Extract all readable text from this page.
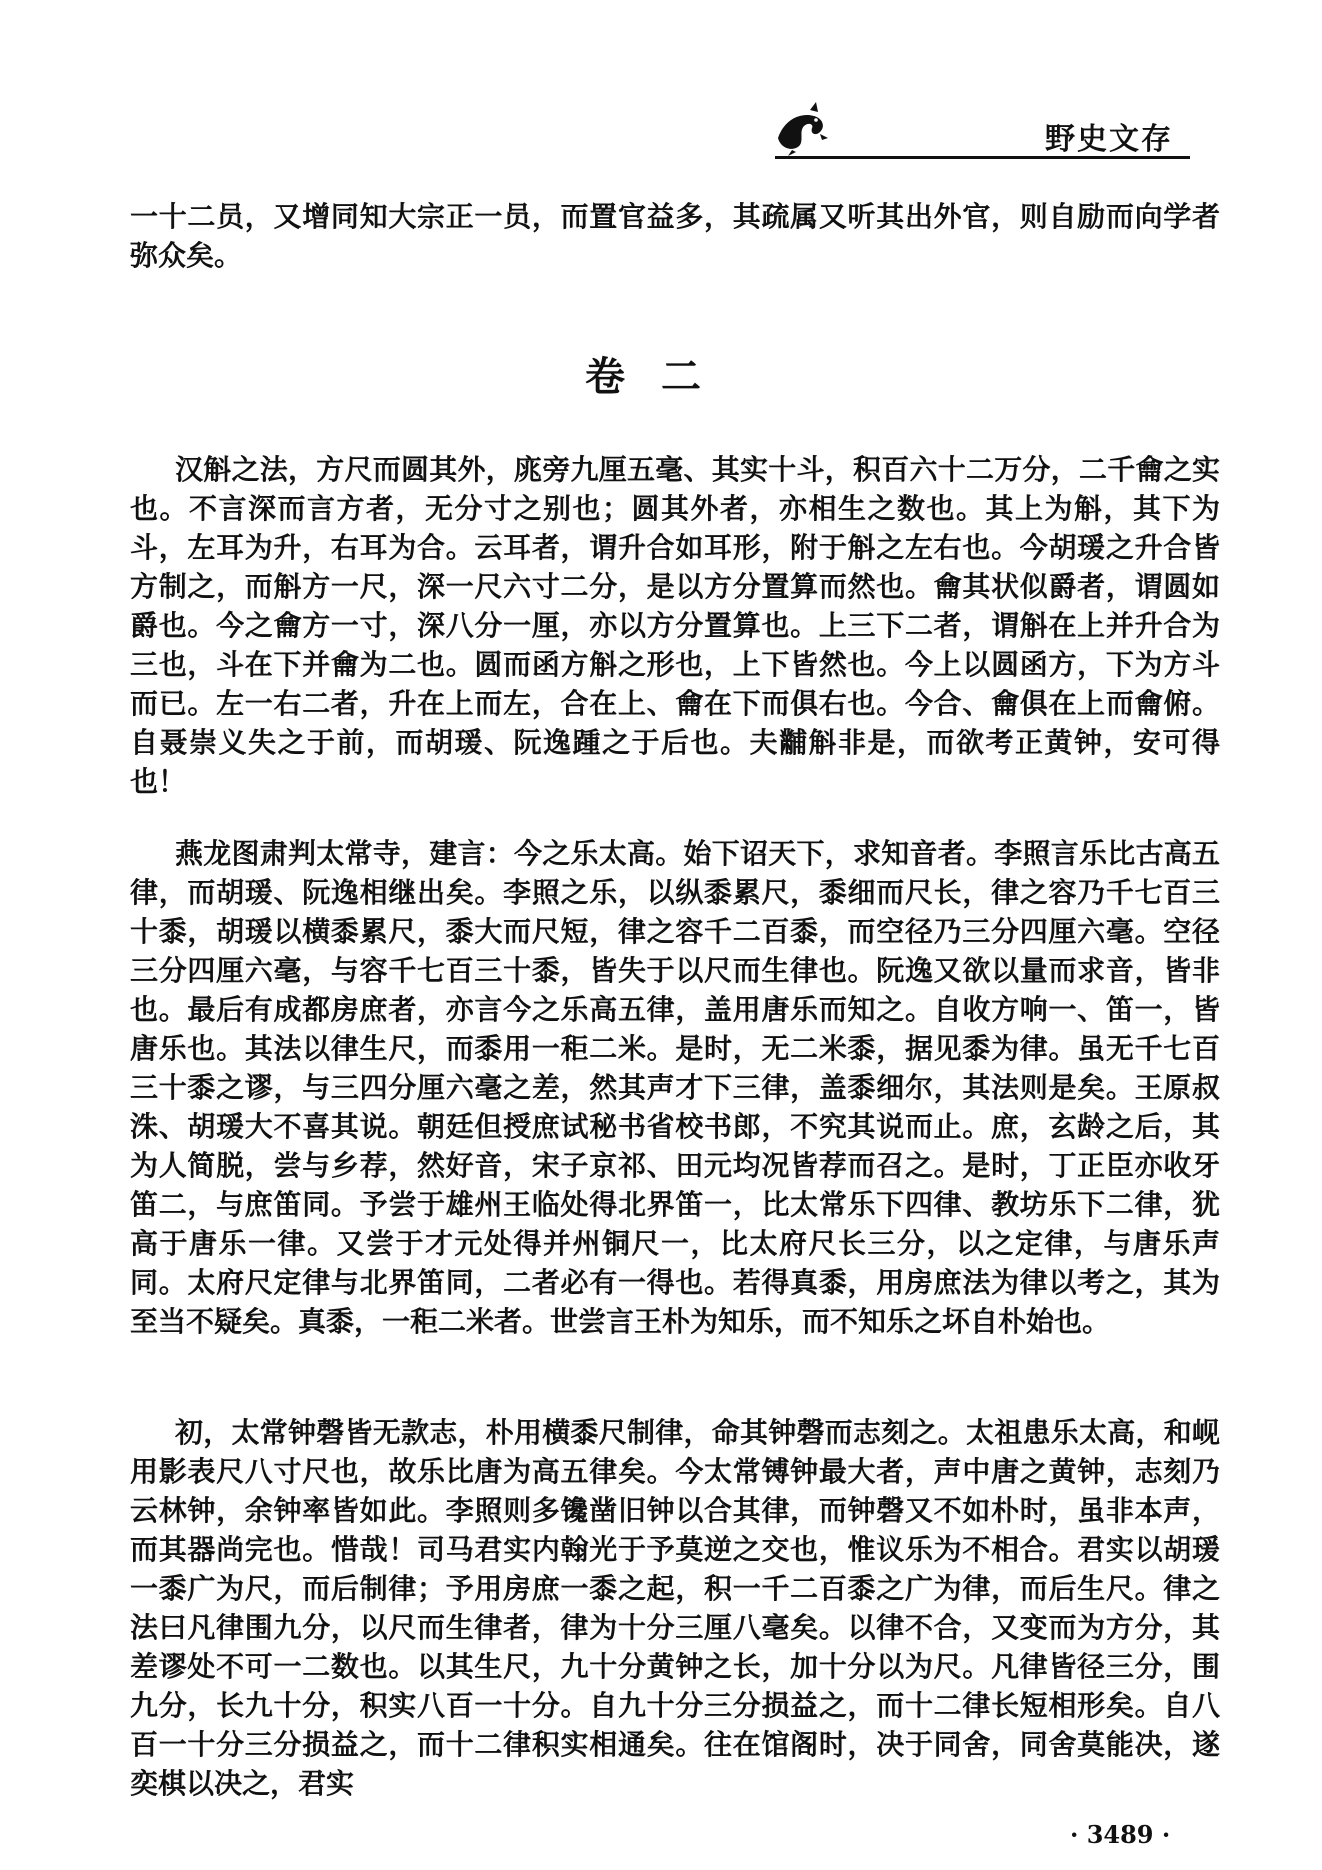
野史文存

一十二员，又增同知大宗正一员，而置官益多，其疏属又听其出外官，则自励而向学者弥众矣。

卷二

汉斛之法，方尺而圆其外，庣旁九厘五毫、其实十斗，积百六十二万分，二千龠之实也。不言深而言方者，无分寸之别也；圆其外者，亦相生之数也。其上为斛，其下为斗，左耳为升，右耳为合。云耳者，谓升合如耳形，附于斛之左右也。今胡瑗之升合皆方制之，而斛方一尺，深一尺六寸二分，是以方分置算而然也。龠其状似爵者，谓圆如爵也。今之龠方一寸，深八分一厘，亦以方分置算也。上三下二者，谓斛在上并升合为三也，斗在下并龠为二也。圆而函方斛之形也，上下皆然也。今上以圆函方，下为方斗而已。左一右二者，升在上而左，合在上、龠在下而俱右也。今合、龠俱在上而龠俯。自聂崇义失之于前，而胡瑗、阮逸踵之于后也。夫黼斛非是，而欲考正黄钟，安可得也！

燕龙图肃判太常寺，建言：今之乐太高。始下诏天下，求知音者。李照言乐比古高五律，而胡瑗、阮逸相继出矣。李照之乐，以纵黍累尺，黍细而尺长，律之容乃千七百三十黍，胡瑗以横黍累尺，黍大而尺短，律之容千二百黍，而空径乃三分四厘六毫。空径三分四厘六毫，与容千七百三十黍，皆失于以尺而生律也。阮逸又欲以量而求音，皆非也。最后有成都房庶者，亦言今之乐高五律，盖用唐乐而知之。自收方响一、笛一，皆唐乐也。其法以律生尺，而黍用一秬二米。是时，无二米黍，据见黍为律。虽无千七百三十黍之谬，与三四分厘六毫之差，然其声才下三律，盖黍细尔，其法则是矣。王原叔洙、胡瑗大不喜其说。朝廷但授庶试秘书省校书郎，不究其说而止。庶，玄龄之后，其为人简脱，尝与乡荐，然好音，宋子京祁、田元均况皆荐而召之。是时，丁正臣亦收牙笛二，与庶笛同。予尝于雄州王临处得北界笛一，比太常乐下四律、教坊乐下二律，犹高于唐乐一律。又尝于才元处得并州铜尺一，比太府尺长三分，以之定律，与唐乐声同。太府尺定律与北界笛同，二者必有一得也。若得真黍，用房庶法为律以考之，其为至当不疑矣。真黍，一秬二米者。世尝言王朴为知乐，而不知乐之坏自朴始也。

初，太常钟磬皆无款志，朴用横黍尺制律，命其钟磬而志刻之。太祖患乐太高，和岘用影表尺八寸尺也，故乐比唐为高五律矣。今太常镈钟最大者，声中唐之黄钟，志刻乃云林钟，余钟率皆如此。李照则多镵凿旧钟以合其律，而钟磬又不如朴时，虽非本声，而其器尚完也。惜哉！司马君实内翰光于予莫逆之交也，惟议乐为不相合。君实以胡瑗一黍广为尺，而后制律；予用房庶一黍之起，积一千二百黍之广为律，而后生尺。律之法曰凡律围九分，以尺而生律者，律为十分三厘八毫矣。以律不合，又变而为方分，其差谬处不可一二数也。以其生尺，九十分黄钟之长，加十分以为尺。凡律皆径三分，围九分，长九十分，积实八百一十分。自九十分三分损益之，而十二律长短相形矣。自八百一十分三分损益之，而十二律积实相通矣。往在馆阁时，决于同舍，同舍莫能决，遂奕棋以决之，君实

· 3489 ·
